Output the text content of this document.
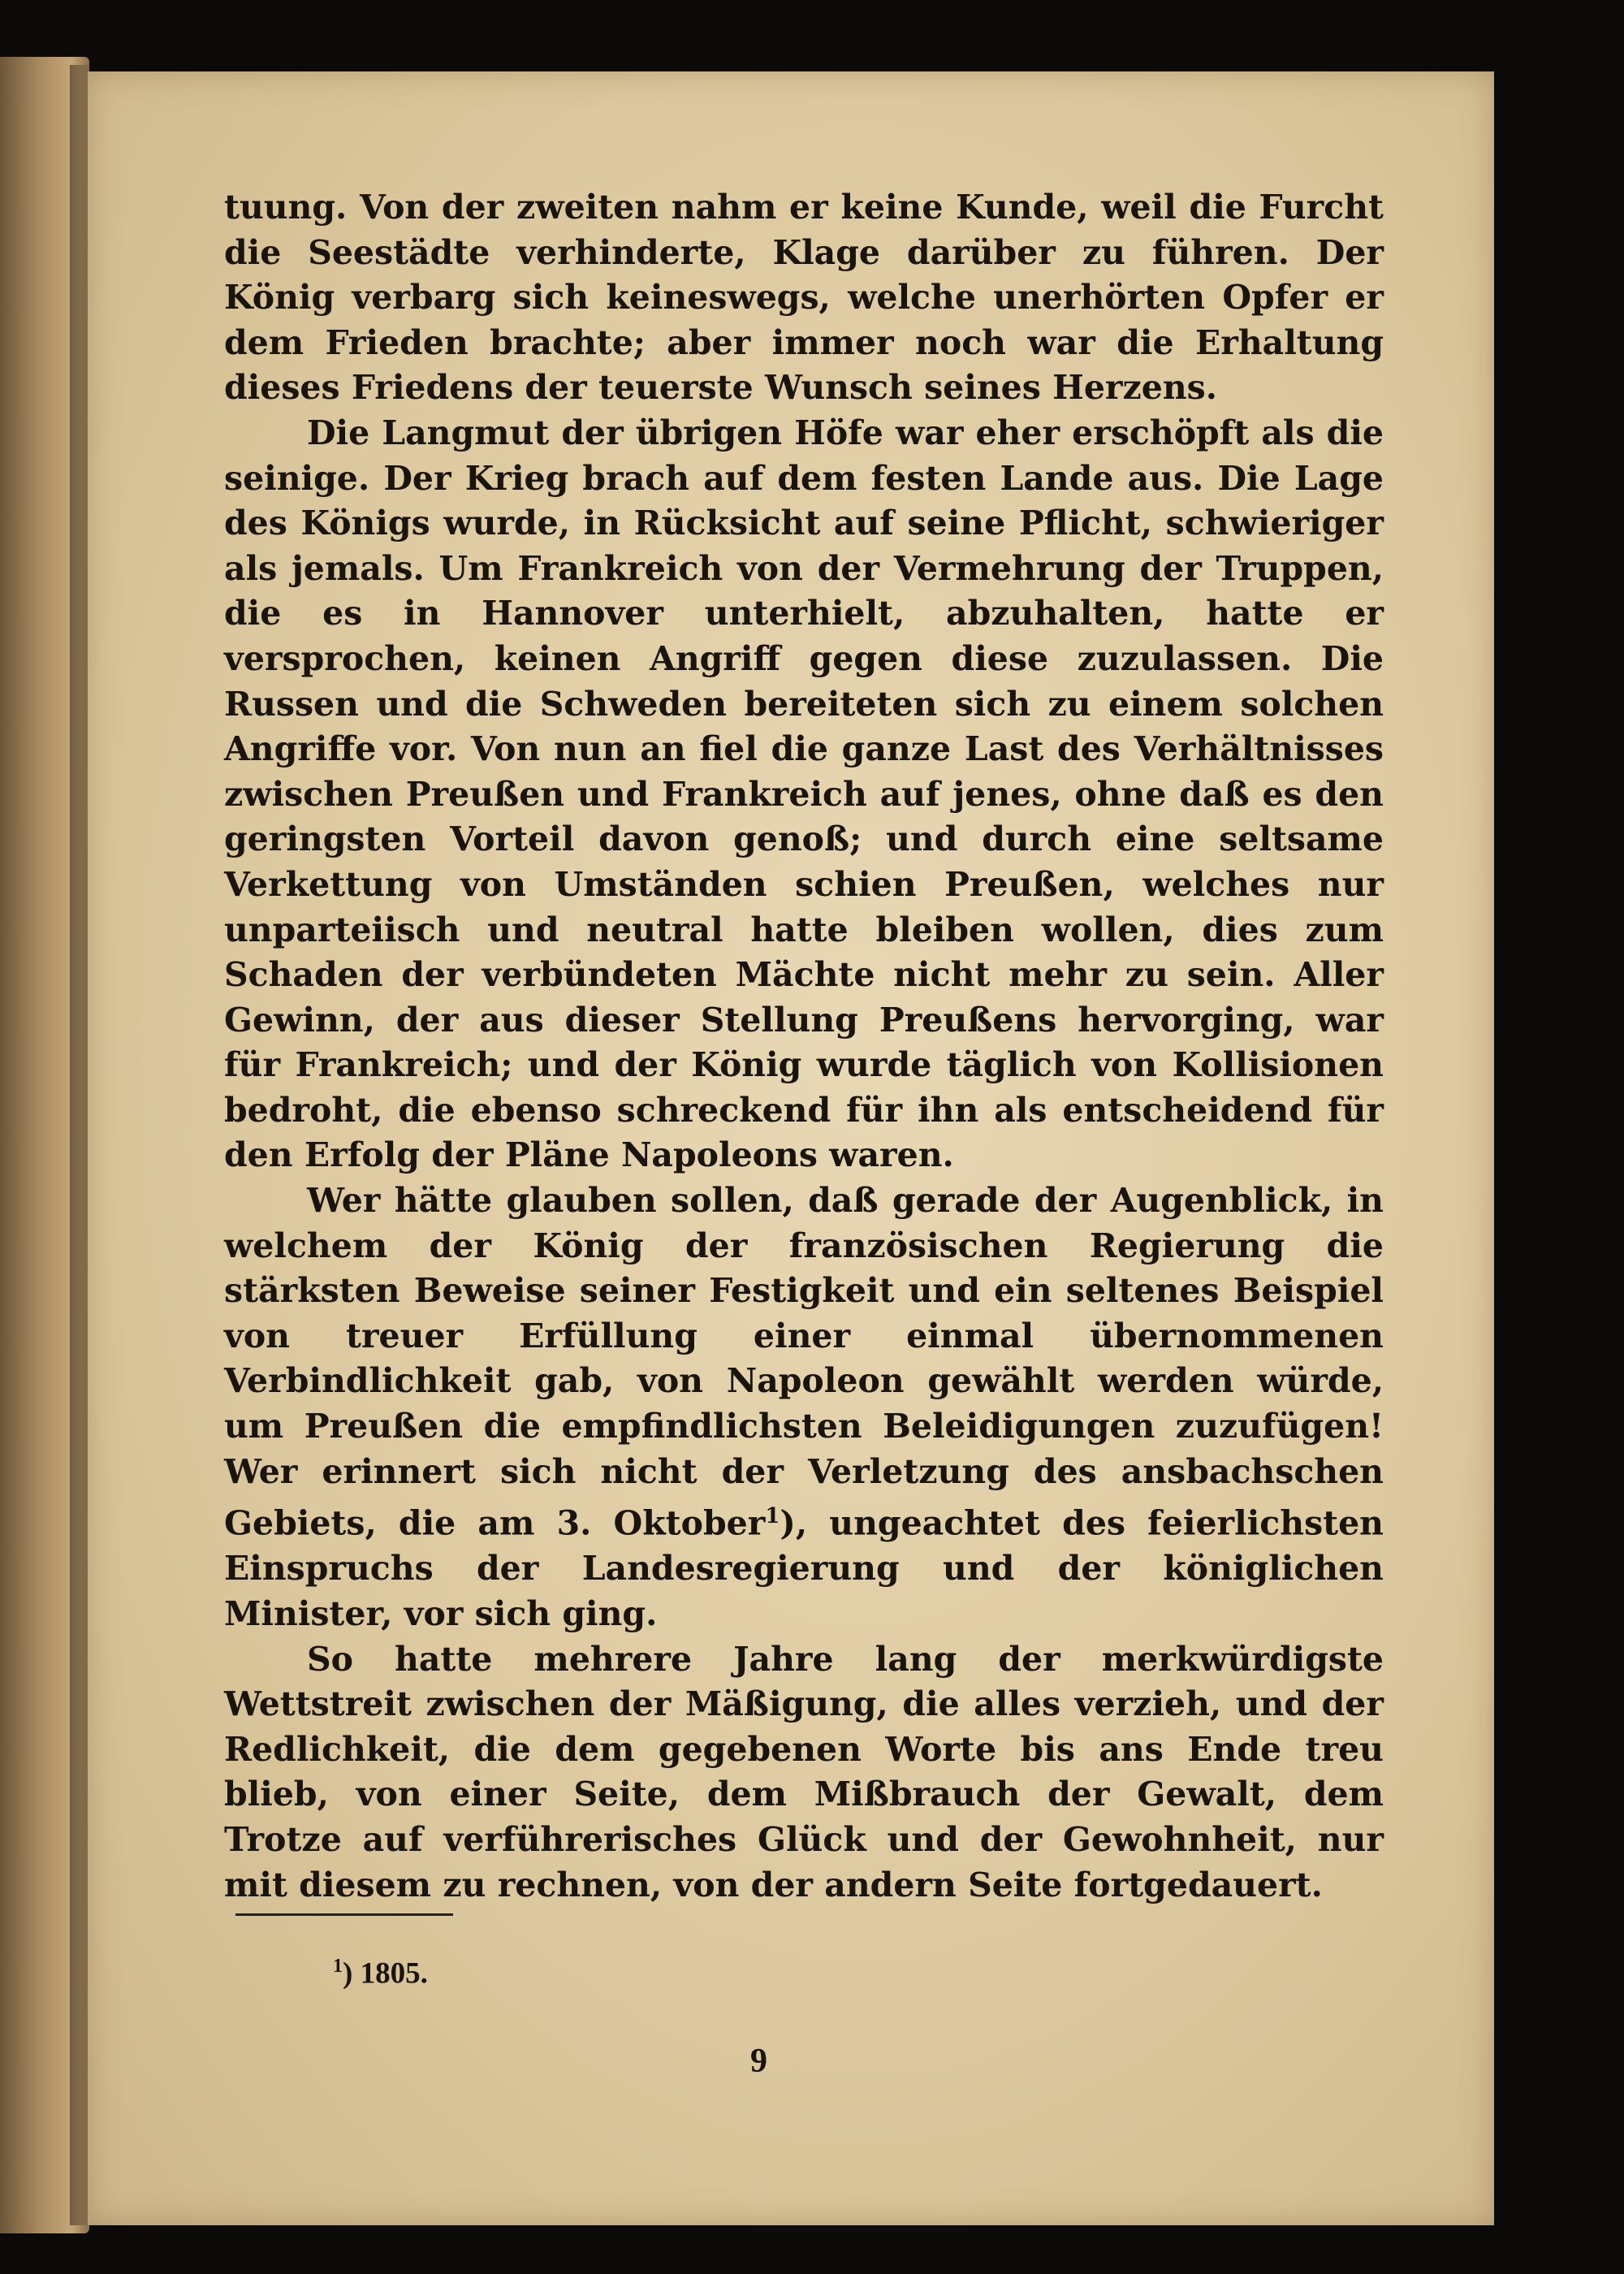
tuung. Von der zweiten nahm er keine Kunde, weil die Furcht die Seestädte verhinderte, Klage darüber zu führen. Der König verbarg sich keineswegs, welche unerhörten Opfer er dem Frieden brachte; aber immer noch war die Erhaltung dieses Friedens der teuerste Wunsch seines Herzens.

Die Langmut der übrigen Höfe war eher erschöpft als die seinige. Der Krieg brach auf dem festen Lande aus. Die Lage des Königs wurde, in Rücksicht auf seine Pflicht, schwieriger als jemals. Um Frankreich von der Vermehrung der Truppen, die es in Hannover unterhielt, abzuhalten, hatte er versprochen, keinen Angriff gegen diese zuzulassen. Die Russen und die Schweden bereiteten sich zu einem solchen Angriffe vor. Von nun an fiel die ganze Last des Verhältnisses zwischen Preußen und Frankreich auf jenes, ohne daß es den geringsten Vorteil davon genoß; und durch eine seltsame Verkettung von Umständen schien Preußen, welches nur unparteiisch und neutral hatte bleiben wollen, dies zum Schaden der verbündeten Mächte nicht mehr zu sein. Aller Gewinn, der aus dieser Stellung Preußens hervorging, war für Frankreich; und der König wurde täglich von Kollisionen bedroht, die ebenso schreckend für ihn als entscheidend für den Erfolg der Pläne Napoleons waren.

Wer hätte glauben sollen, daß gerade der Augenblick, in welchem der König der französischen Regierung die stärksten Beweise seiner Festigkeit und ein seltenes Beispiel von treuer Erfüllung einer einmal übernommenen Verbindlichkeit gab, von Napoleon gewählt werden würde, um Preußen die empfindlichsten Beleidigungen zuzufügen! Wer erinnert sich nicht der Verletzung des ansbachschen Gebiets, die am 3. Oktober$^1$), ungeachtet des feierlichsten Einspruchs der Landesregierung und der königlichen Minister, vor sich ging.

So hatte mehrere Jahre lang der merkwürdigste Wettstreit zwischen der Mäßigung, die alles verzieh, und der Redlichkeit, die dem gegebenen Worte bis ans Ende treu blieb, von einer Seite, dem Mißbrauch der Gewalt, dem Trotze auf verführerisches Glück und der Gewohnheit, nur mit diesem zu rechnen, von der andern Seite fortgedauert.

$^1$) 1805.
9
